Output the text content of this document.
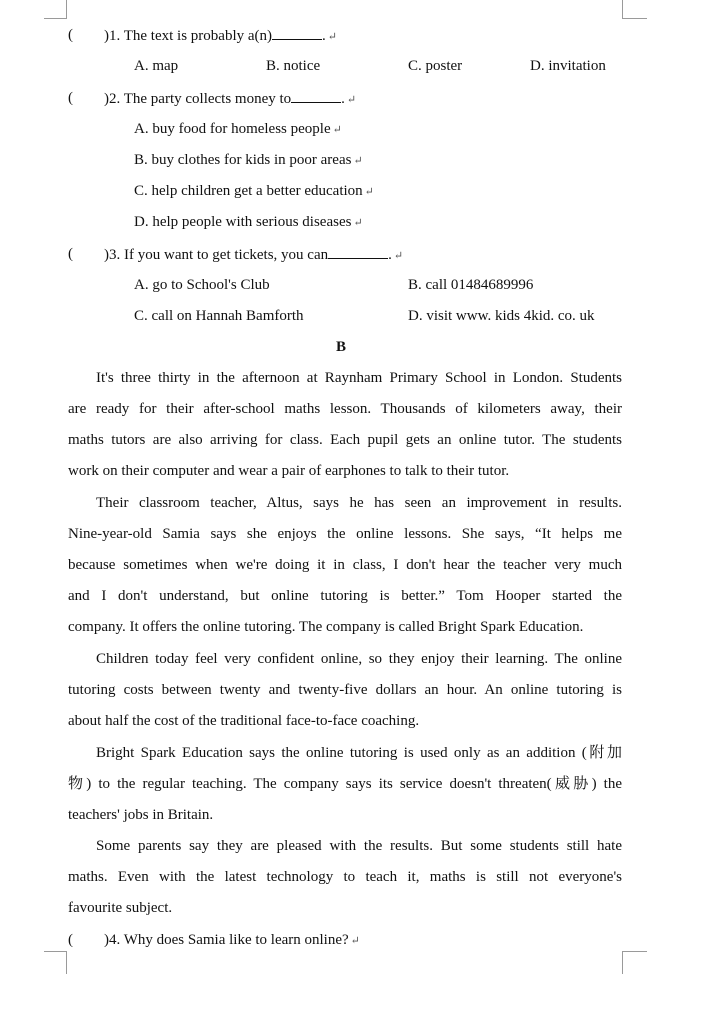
( )1. The text is probably a(n)	. ↵
A. map	B. notice	C. poster	D. invitation
( )2. The party collects money to	. ↵
A. buy food for homeless people ↵
B. buy clothes for kids in poor areas ↵
C. help children get a better education ↵
D. help people with serious diseases ↵
( )3. If you want to get tickets, you can	. ↵
A. go to School's Club	B. call 01484689996
C. call on Hannah Bamforth	D. visit www. kids 4kid. co. uk
B
It's three thirty in the afternoon at Raynham Primary School in London. Students
are ready for their after-school maths lesson. Thousands of kilometers away, their
maths tutors are also arriving for class. Each pupil gets an online tutor. The students
work on their computer and wear a pair of earphones to talk to their tutor.
Their classroom teacher, Altus, says he has seen an improvement in results.
Nine-year-old Samia says she enjoys the online lessons. She says, “It helps me
because sometimes when we're doing it in class, I don't hear the teacher very much
and I don't understand, but online tutoring is better.” Tom Hooper started the
company. It offers the online tutoring. The company is called Bright Spark Education.
Children today feel very confident online, so they enjoy their learning. The online
tutoring costs between twenty and twenty-five dollars an hour. An online tutoring is
about half the cost of the traditional face-to-face coaching.
Bright Spark Education says the online tutoring is used only as an addition (附加
物) to the regular teaching. The company says its service doesn't threaten(威胁) the
teachers' jobs in Britain.
Some parents say they are pleased with the results. But some students still hate
maths. Even with the latest technology to teach it, maths is still not everyone's
favourite subject.
( )4. Why does Samia like to learn online? ↵
